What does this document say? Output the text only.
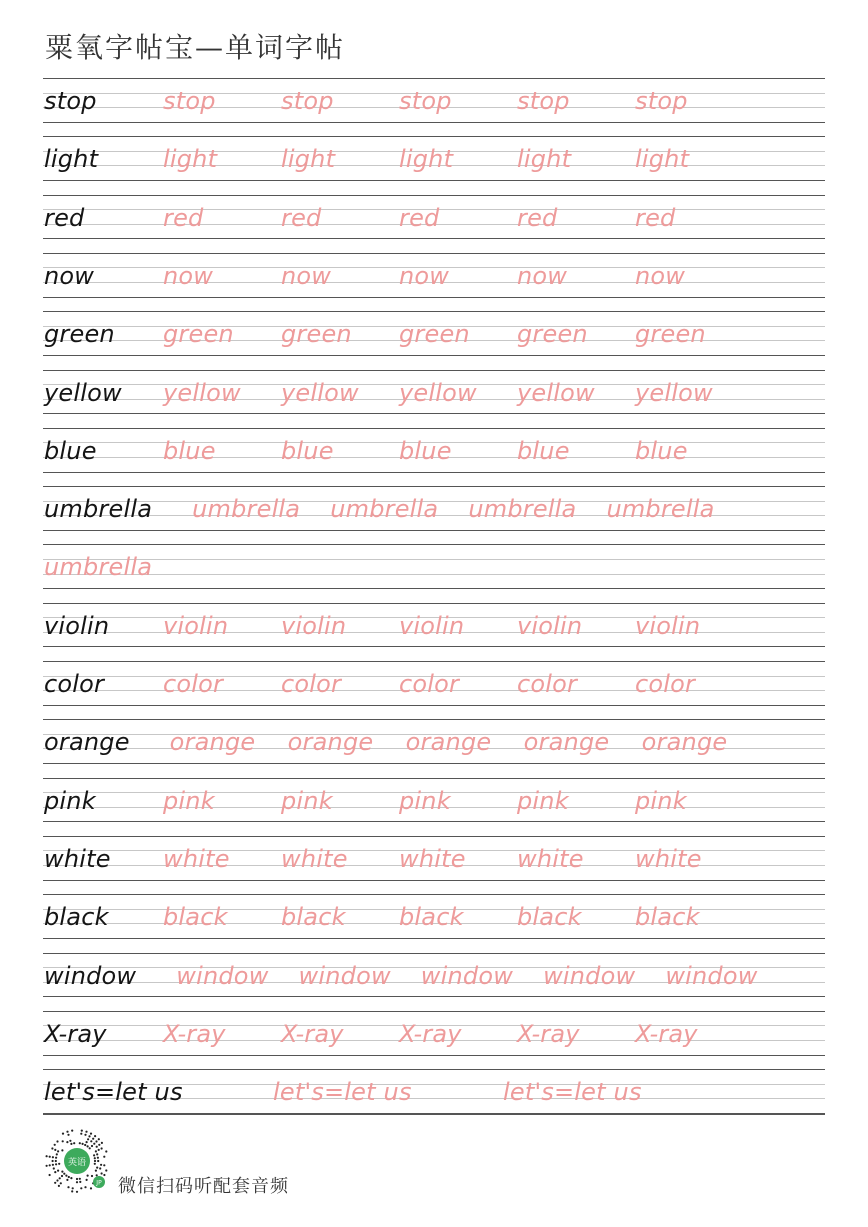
粟氧字帖宝—单词字帖
stop	stop	stop	stop	stop	stop
light	light	light	light	light	light
red	red	red	red	red	red
now	now	now	now	now	now
green green green green green green
yellow yellow yellow yellow yellow yellow
blue	blue	blue	blue	blue	blue
umbrella umbrella umbrella umbrella umbrella
umbrella
violin violin violin violin violin violin
color color color color color color
orange orange orange orange orange orange
pink	pink	pink	pink	pink	pink
white white white white white white
black black black black black black
window window window window window window
X-ray X-ray X-ray X-ray X-ray X-ray
let's=let us	let's=let us	let's=let us
英语
JP 微信扫码听配套音频
